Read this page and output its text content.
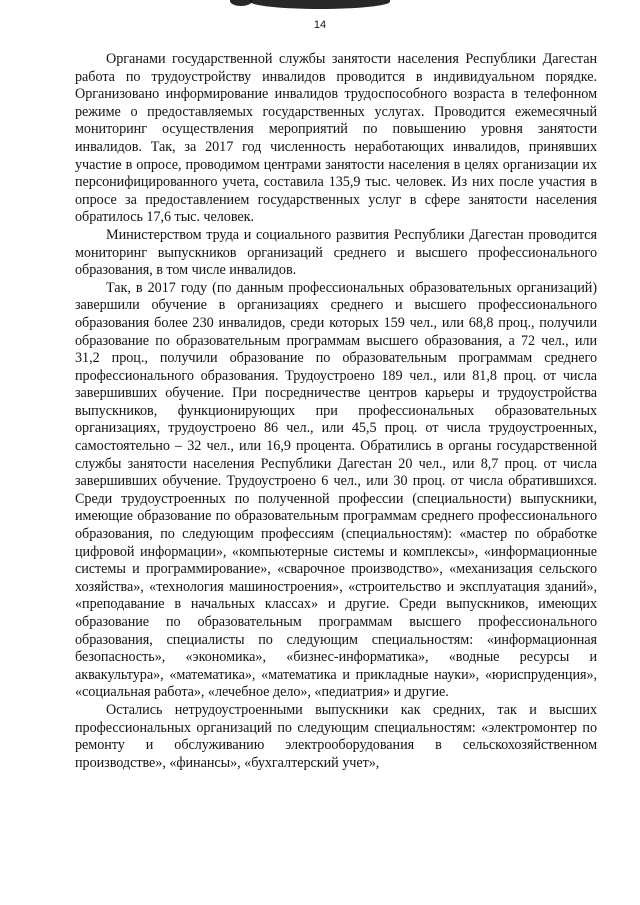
14

Органами государственной службы занятости населения Республики Дагестан работа по трудоустройству инвалидов проводится в индивидуальном порядке. Организовано информирование инвалидов трудоспособного возраста в телефонном режиме о предоставляемых государственных услугах. Проводится ежемесячный мониторинг осуществления мероприятий по повышению уровня занятости инвалидов. Так, за 2017 год численность неработающих инвалидов, принявших участие в опросе, проводимом центрами занятости населения в целях организации их персонифицированного учета, составила 135,9 тыс. человек. Из них после участия в опросе за предоставлением государственных услуг в сфере занятости населения обратилось 17,6 тыс. человек.

Министерством труда и социального развития Республики Дагестан проводится мониторинг выпускников организаций среднего и высшего профессионального образования, в том числе инвалидов.

Так, в 2017 году (по данным профессиональных образовательных организаций) завершили обучение в организациях среднего и высшего профессионального образования более 230 инвалидов, среди которых 159 чел., или 68,8 проц., получили образование по образовательным программам высшего образования, а 72 чел., или 31,2 проц., получили образование по образовательным программам среднего профессионального образования. Трудоустроено 189 чел., или 81,8 проц. от числа завершивших обучение. При посредничестве центров карьеры и трудоустройства выпускников, функционирующих при профессиональных образовательных организациях, трудоустроено 86 чел., или 45,5 проц. от числа трудоустроенных, самостоятельно – 32 чел., или 16,9 процента. Обратились в органы государственной службы занятости населения Республики Дагестан 20 чел., или 8,7 проц. от числа завершивших обучение. Трудоустроено 6 чел., или 30 проц. от числа обратившихся. Среди трудоустроенных по полученной профессии (специальности) выпускники, имеющие образование по образовательным программам среднего профессионального образования, по следующим профессиям (специальностям): «мастер по обработке цифровой информации», «компьютерные системы и комплексы», «информационные системы и программирование», «сварочное производство», «механизация сельского хозяйства», «технология машиностроения», «строительство и эксплуатация зданий», «преподавание в начальных классах» и другие. Среди выпускников, имеющих образование по образовательным программам высшего профессионального образования, специалисты по следующим специальностям: «информационная безопасность», «экономика», «бизнес-информатика», «водные ресурсы и аквакультура», «математика», «математика и прикладные науки», «юриспруденция», «социальная работа», «лечебное дело», «педиатрия» и другие.

Остались нетрудоустроенными выпускники как средних, так и высших профессиональных организаций по следующим специальностям: «электромонтер по ремонту и обслуживанию электрооборудования в сельскохозяйственном производстве», «финансы», «бухгалтерский учет»,
